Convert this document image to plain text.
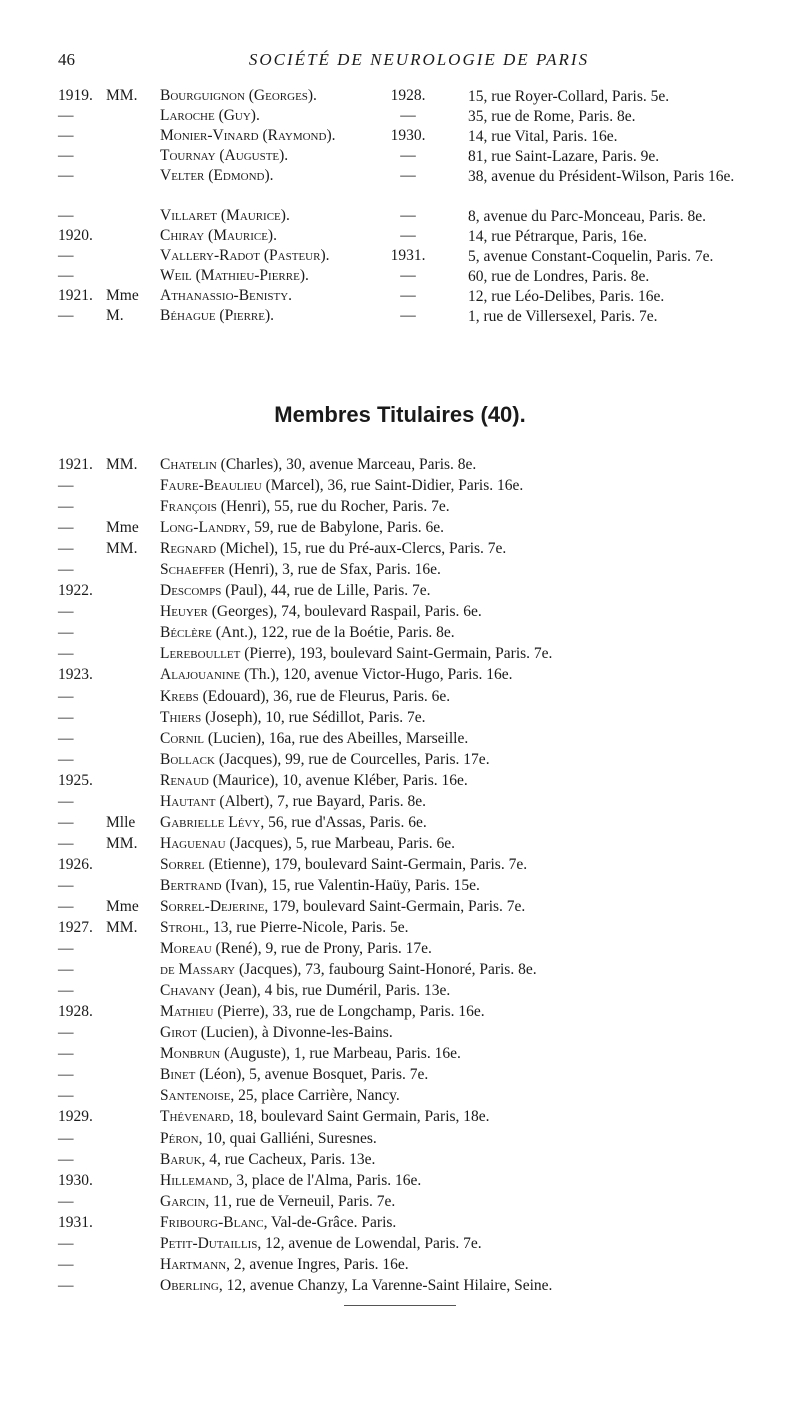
46	SOCIÉTÉ DE NEUROLOGIE DE PARIS
1919. MM.	Bourguignon (Georges).	1928.	15, rue Royer-Collard, Paris. 5e.
—	Laroche (Guy).	—	35, rue de Rome, Paris. 8e.
—	Monier-Vinard (Raymond).	1930.	14, rue Vital, Paris. 16e.
—	Tournay (Auguste).	—	81, rue Saint-Lazare, Paris. 9e.
—	Velter (Edmond).	—	38, avenue du Président-Wilson, Paris 16e.
—	Villaret (Maurice).	—	8, avenue du Parc-Monceau, Paris. 8e.
1920.	Chiray (Maurice).	—	14, rue Pétrarque, Paris, 16e.
—	Vallery-Radot (Pasteur).	1931.	5, avenue Constant-Coquelin, Paris. 7e.
—	Weil (Mathieu-Pierre).	—	60, rue de Londres, Paris. 8e.
1921. Mme	Athanassio-Benisty.	—	12, rue Léo-Delibes, Paris. 16e.
—	M.	Béhague (Pierre).	—	1, rue de Villersexel, Paris. 7e.
Membres Titulaires (40).
1921. MM.	Chatelin (Charles), 30, avenue Marceau, Paris. 8e.
—	Faure-Beaulieu (Marcel), 36, rue Saint-Didier, Paris. 16e.
—	François (Henri), 55, rue du Rocher, Paris. 7e.
—	Mme	Long-Landry, 59, rue de Babylone, Paris. 6e.
—	MM.	Regnard (Michel), 15, rue du Pré-aux-Clercs, Paris. 7e.
—	Schaeffer (Henri), 3, rue de Sfax, Paris. 16e.
1922.	Descomps (Paul), 44, rue de Lille, Paris. 7e.
—	Heuyer (Georges), 74, boulevard Raspail, Paris. 6e.
—	Béclère (Ant.), 122, rue de la Boétie, Paris. 8e.
—	Lereboullet (Pierre), 193, boulevard Saint-Germain, Paris. 7e.
1923.	Alajouanine (Th.), 120, avenue Victor-Hugo, Paris. 16e.
—	Krebs (Edouard), 36, rue de Fleurus, Paris. 6e.
—	Thiers (Joseph), 10, rue Sédillot, Paris. 7e.
—	Cornil (Lucien), 16a, rue des Abeilles, Marseille.
—	Bollack (Jacques), 99, rue de Courcelles, Paris. 17e.
1925.	Renaud (Maurice), 10, avenue Kléber, Paris. 16e.
—	Hautant (Albert), 7, rue Bayard, Paris. 8e.
—	Mlle	Gabrielle Lévy, 56, rue d'Assas, Paris. 6e.
—	MM.	Haguenau (Jacques), 5, rue Marbeau, Paris. 6e.
1926.	Sorrel (Etienne), 179, boulevard Saint-Germain, Paris. 7e.
—	Bertrand (Ivan), 15, rue Valentin-Haüy, Paris. 15e.
—	Mme	Sorrel-Dejerine, 179, boulevard Saint-Germain, Paris. 7e.
1927. MM.	Strohl, 13, rue Pierre-Nicole, Paris. 5e.
—	Moreau (René), 9, rue de Prony, Paris. 17e.
—	de Massary (Jacques), 73, faubourg Saint-Honoré, Paris. 8e.
—	Chavany (Jean), 4 bis, rue Duméril, Paris. 13e.
1928.	Mathieu (Pierre), 33, rue de Longchamp, Paris. 16e.
—	Girot (Lucien), à Divonne-les-Bains.
—	Monbrun (Auguste), 1, rue Marbeau, Paris. 16e.
—	Binet (Léon), 5, avenue Bosquet, Paris. 7e.
—	Santenoise, 25, place Carrière, Nancy.
1929.	Thévenard, 18, boulevard Saint Germain, Paris, 18e.
—	Péron, 10, quai Galliéni, Suresnes.
—	Baruk, 4, rue Cacheux, Paris. 13e.
1930.	Hillemand, 3, place de l'Alma, Paris. 16e.
—	Garcin, 11, rue de Verneuil, Paris. 7e.
1931.	Fribourg-Blanc, Val-de-Grâce. Paris.
—	Petit-Dutaillis, 12, avenue de Lowendal, Paris. 7e.
—	Hartmann, 2, avenue Ingres, Paris. 16e.
—	Oberling, 12, avenue Chanzy, La Varenne-Saint Hilaire, Seine.
